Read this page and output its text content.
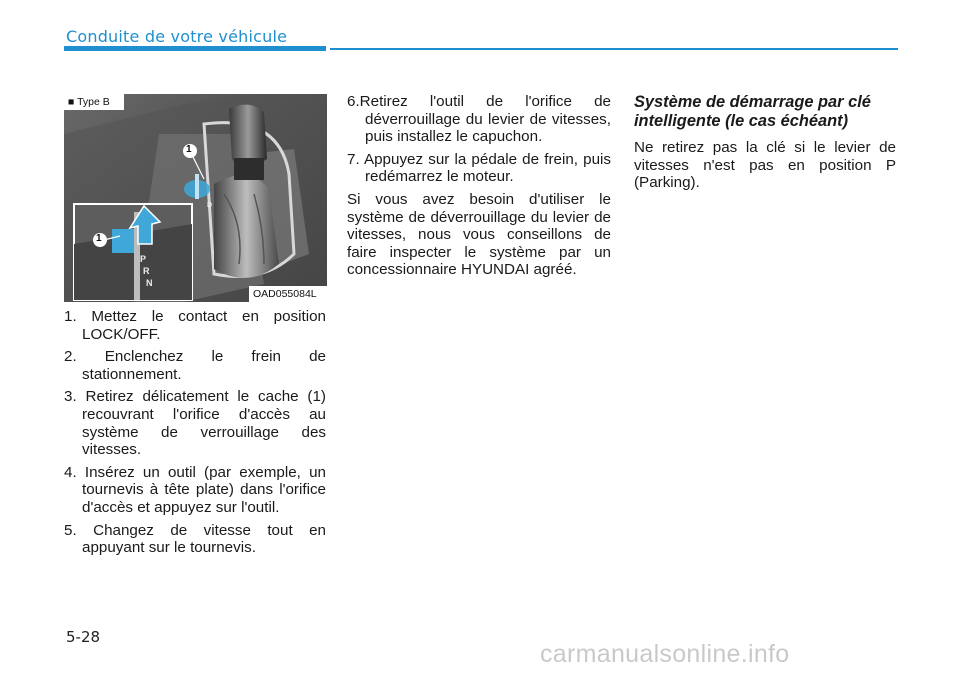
Conduite de votre véhicule
■ Type B
OAD055084L
1
1
P
R
N
D

1. Mettez le contact en position LOCK/OFF.

2. Enclenchez le frein de stationnement.

3. Retirez délicatement le cache (1) recouvrant l'orifice d'accès au système de verrouillage des vitesses.

4. Insérez un outil (par exemple, un tournevis à tête plate) dans l'orifice d'accès et appuyez sur l'outil.

5. Changez de vitesse tout en appuyant sur le tournevis.

6.Retirez l'outil de l'orifice de déverrouillage du levier de vitesses, puis installez le capuchon.

7. Appuyez sur la pédale de frein, puis redémarrez le moteur.

Si vous avez besoin d'utiliser le système de déverrouillage du levier de vitesses, nous vous conseillons de faire inspecter le système par un concessionnaire HYUNDAI agréé.

Système de démarrage par clé intelligente (le cas échéant)

Ne retirez pas la clé si le levier de vitesses n'est pas en position P (Parking).

5-28
carmanualsonline.info
